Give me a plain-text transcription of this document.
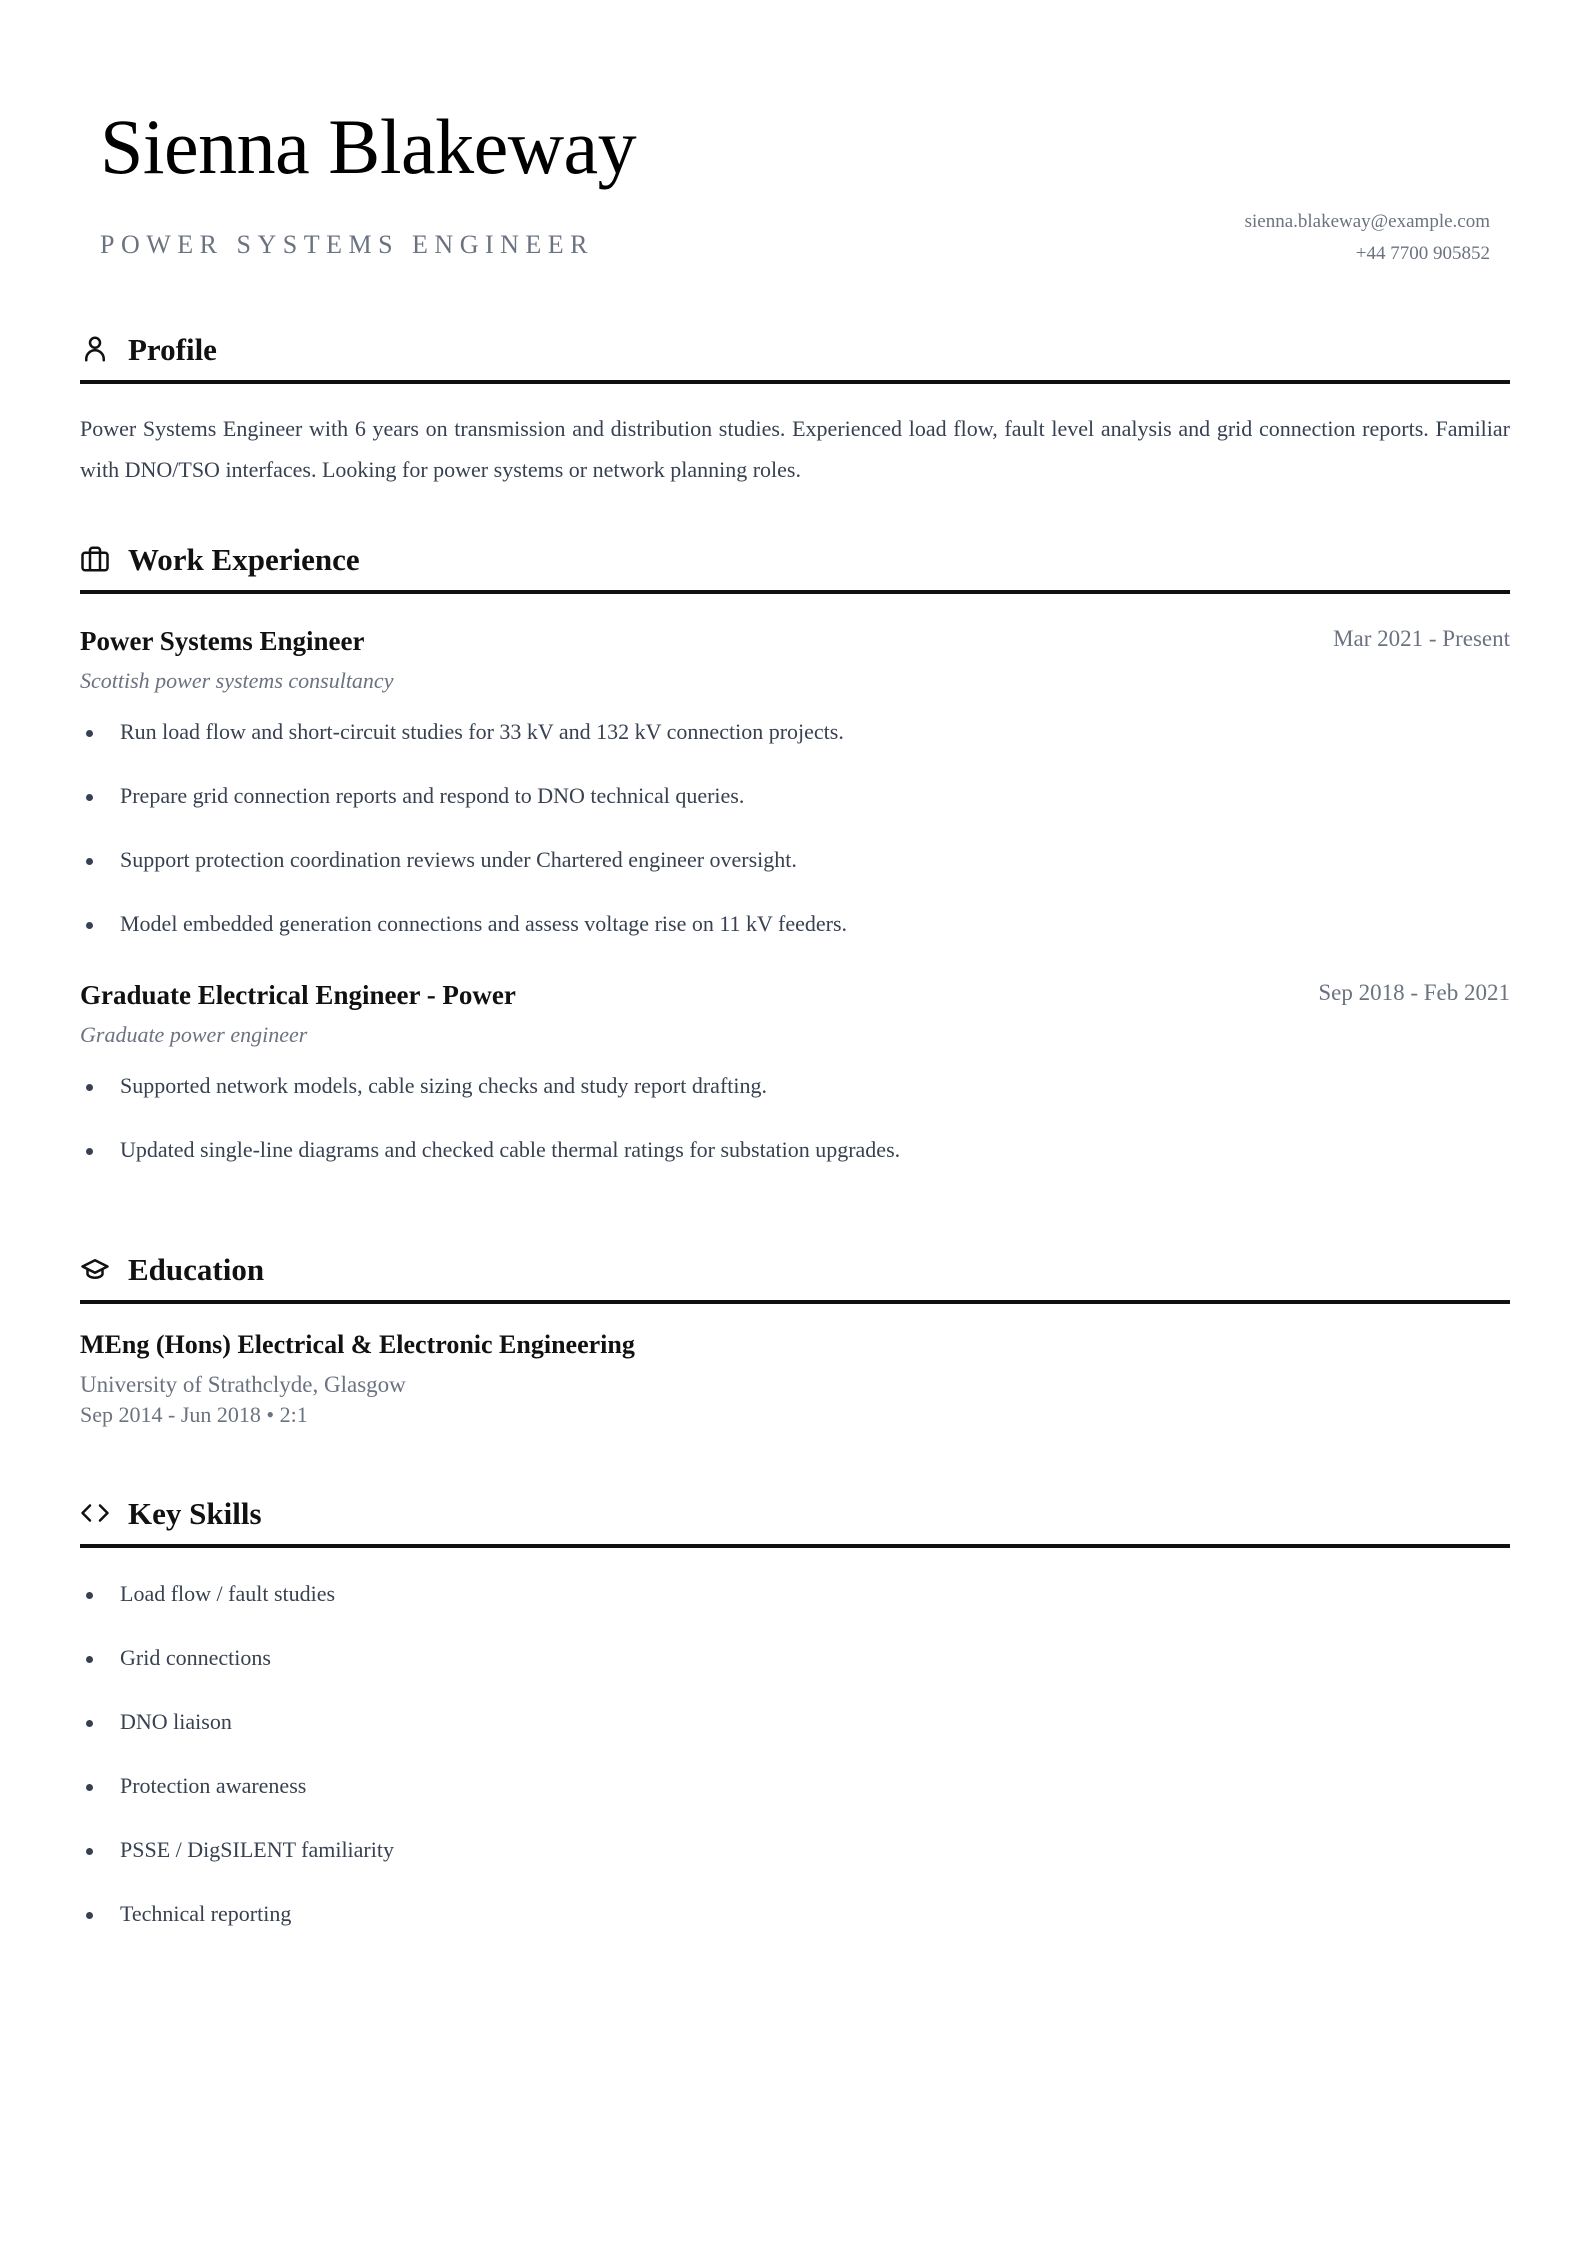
Sienna Blakeway
POWER SYSTEMS ENGINEER
sienna.blakeway@example.com
+44 7700 905852
Profile

Power Systems Engineer with 6 years on transmission and distribution studies. Experienced load flow, fault level analysis and grid connection reports. Familiar with DNO/TSO interfaces. Looking for power systems or network planning roles.

Work Experience
Power Systems Engineer	Mar 2021 - Present
Scottish power systems consultancy
Run load flow and short-circuit studies for 33 kV and 132 kV connection projects.
Prepare grid connection reports and respond to DNO technical queries.
Support protection coordination reviews under Chartered engineer oversight.
Model embedded generation connections and assess voltage rise on 11 kV feeders.
Graduate Electrical Engineer - Power	Sep 2018 - Feb 2021
Graduate power engineer
Supported network models, cable sizing checks and study report drafting.
Updated single-line diagrams and checked cable thermal ratings for substation upgrades.
Education
MEng (Hons) Electrical & Electronic Engineering
University of Strathclyde, Glasgow
Sep 2014 - Jun 2018 • 2:1
Key Skills
Load flow / fault studies
Grid connections
DNO liaison
Protection awareness
PSSE / DigSILENT familiarity
Technical reporting
